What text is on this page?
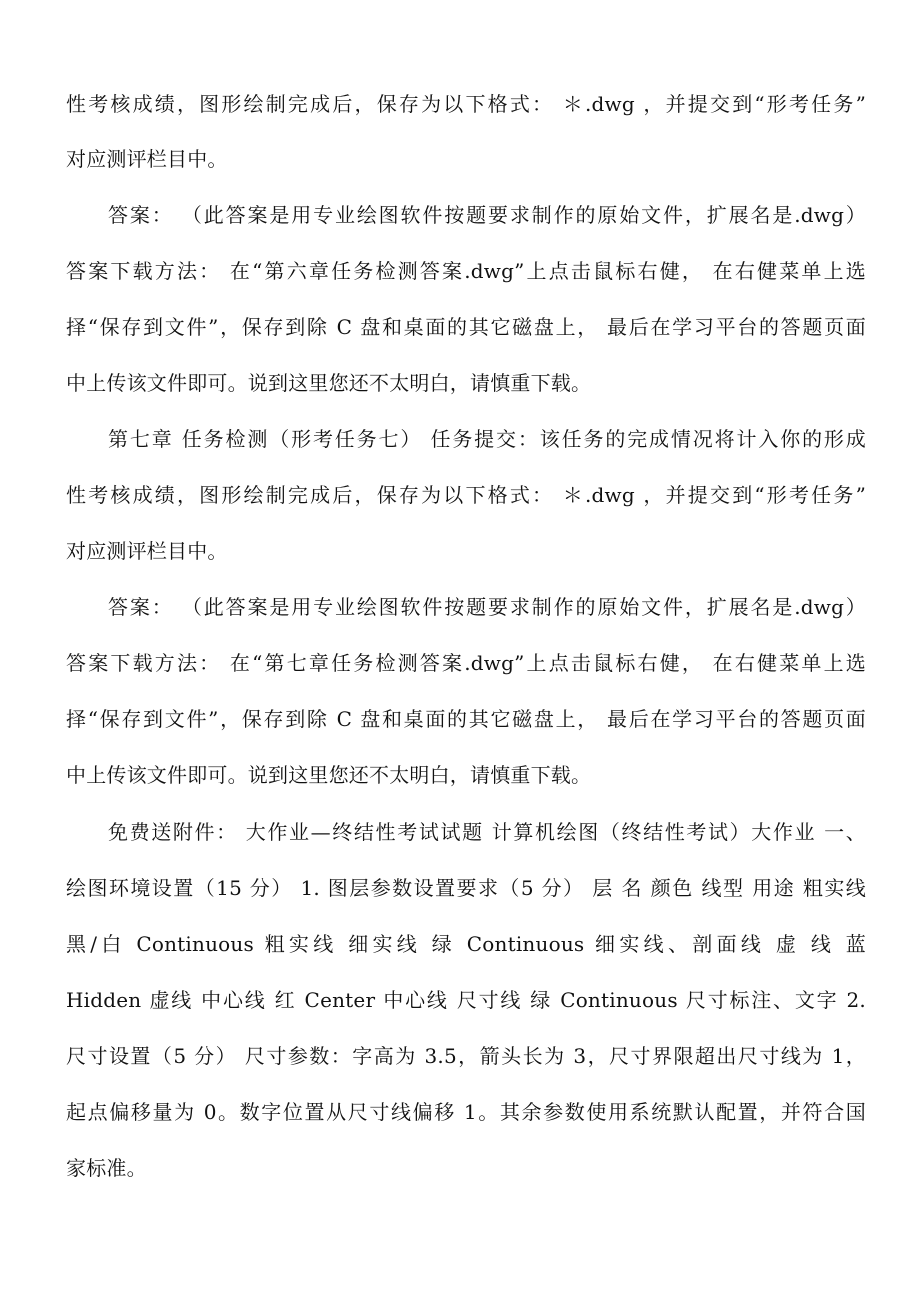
性考核成绩，图形绘制完成后，保存为以下格式： ＊.dwg ，并提交到“形考任务”
对应测评栏目中。
答案： （此答案是用专业绘图软件按题要求制作的原始文件，扩展名是.dwg）
答案下载方法： 在“第六章任务检测答案.dwg”上点击鼠标右健， 在右健菜单上选
择“保存到文件”，保存到除 C 盘和桌面的其它磁盘上， 最后在学习平台的答题页面
中上传该文件即可。说到这里您还不太明白，请慎重下载。
第七章 任务检测（形考任务七） 任务提交：该任务的完成情况将计入你的形成
性考核成绩，图形绘制完成后，保存为以下格式： ＊.dwg ，并提交到“形考任务”
对应测评栏目中。
答案： （此答案是用专业绘图软件按题要求制作的原始文件，扩展名是.dwg）
答案下载方法： 在“第七章任务检测答案.dwg”上点击鼠标右健， 在右健菜单上选
择“保存到文件”，保存到除 C 盘和桌面的其它磁盘上， 最后在学习平台的答题页面
中上传该文件即可。说到这里您还不太明白，请慎重下载。
免费送附件： 大作业—终结性考试试题 计算机绘图（终结性考试）大作业 一、
绘图环境设置（15 分） 1. 图层参数设置要求（5 分） 层 名 颜色 线型 用途 粗实线
黑/白 Continuous 粗实线 细实线 绿 Continuous 细实线、剖面线 虚 线 蓝
Hidden 虚线 中心线 红 Center 中心线 尺寸线 绿 Continuous 尺寸标注、文字 2.
尺寸设置（5 分） 尺寸参数：字高为 3.5，箭头长为 3，尺寸界限超出尺寸线为 1，
起点偏移量为 0。数字位置从尺寸线偏移 1。其余参数使用系统默认配置，并符合国
家标准。
